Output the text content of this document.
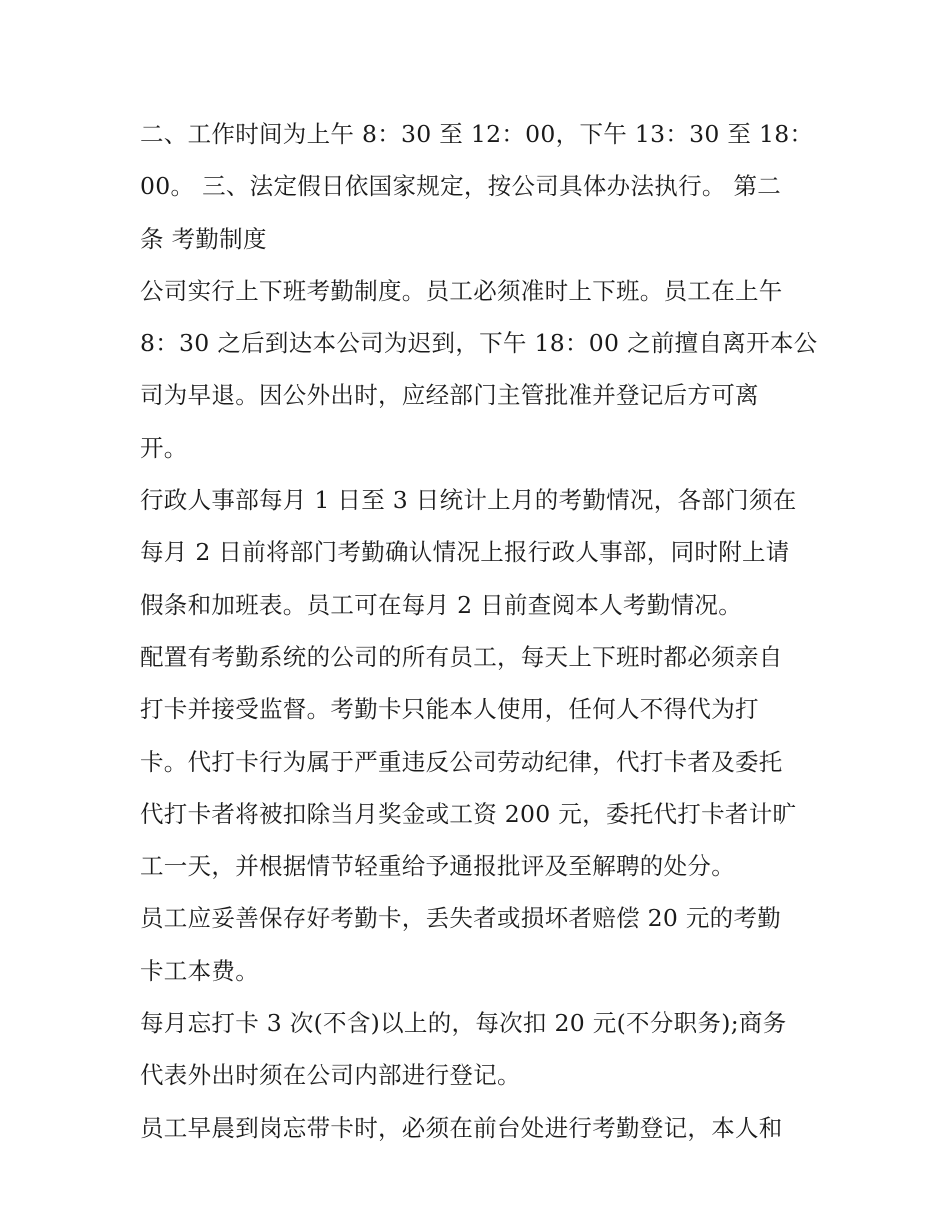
二、工作时间为上午 8：30 至 12：00，下午 13：30 至 18：
00。 三、法定假日依国家规定，按公司具体办法执行。 第二
条 考勤制度
公司实行上下班考勤制度。员工必须准时上下班。员工在上午
8：30 之后到达本公司为迟到，下午 18：00 之前擅自离开本公
司为早退。因公外出时，应经部门主管批准并登记后方可离
开。
行政人事部每月 1 日至 3 日统计上月的考勤情况，各部门须在
每月 2 日前将部门考勤确认情况上报行政人事部，同时附上请
假条和加班表。员工可在每月 2 日前查阅本人考勤情况。
配置有考勤系统的公司的所有员工，每天上下班时都必须亲自
打卡并接受监督。考勤卡只能本人使用，任何人不得代为打
卡。代打卡行为属于严重违反公司劳动纪律，代打卡者及委托
代打卡者将被扣除当月奖金或工资 200 元，委托代打卡者计旷
工一天，并根据情节轻重给予通报批评及至解聘的处分。
员工应妥善保存好考勤卡，丢失者或损坏者赔偿 20 元的考勤
卡工本费。
每月忘打卡 3 次(不含)以上的，每次扣 20 元(不分职务);商务
代表外出时须在公司内部进行登记。
员工早晨到岗忘带卡时，必须在前台处进行考勤登记，本人和
